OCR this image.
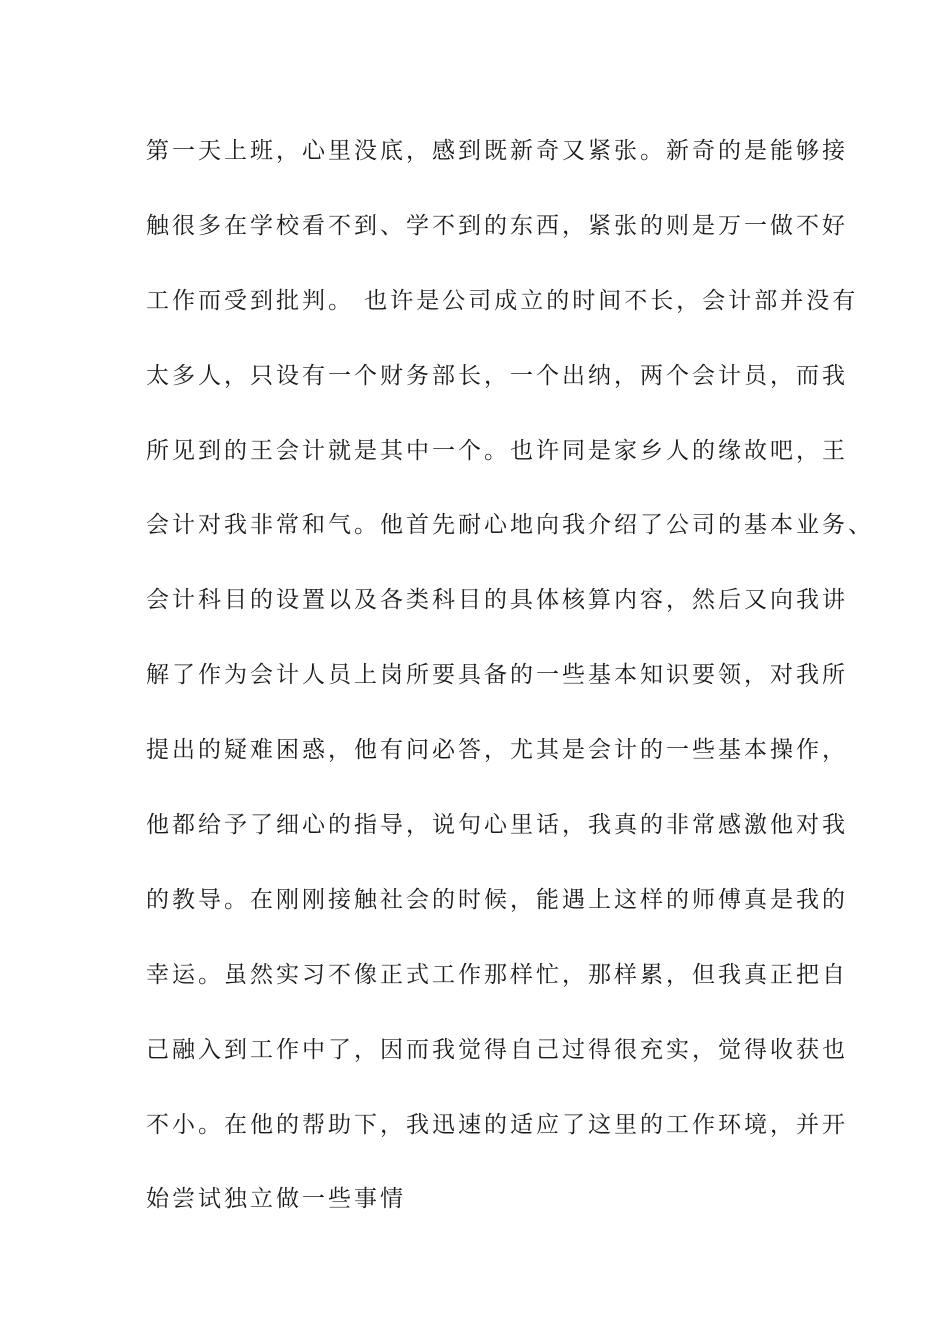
第一天上班，心里没底，感到既新奇又紧张。新奇的是能够接
触很多在学校看不到、学不到的东西，紧张的则是万一做不好
工作而受到批判。 也许是公司成立的时间不长，会计部并没有
太多人，只设有一个财务部长，一个出纳，两个会计员，而我
所见到的王会计就是其中一个。也许同是家乡人的缘故吧，王
会计对我非常和气。他首先耐心地向我介绍了公司的基本业务、
会计科目的设置以及各类科目的具体核算内容，然后又向我讲
解了作为会计人员上岗所要具备的一些基本知识要领，对我所
提出的疑难困惑，他有问必答，尤其是会计的一些基本操作，
他都给予了细心的指导，说句心里话，我真的非常感激他对我
的教导。在刚刚接触社会的时候，能遇上这样的师傅真是我的
幸运。虽然实习不像正式工作那样忙，那样累，但我真正把自
己融入到工作中了，因而我觉得自己过得很充实，觉得收获也
不小。在他的帮助下，我迅速的适应了这里的工作环境，并开
始尝试独立做一些事情
